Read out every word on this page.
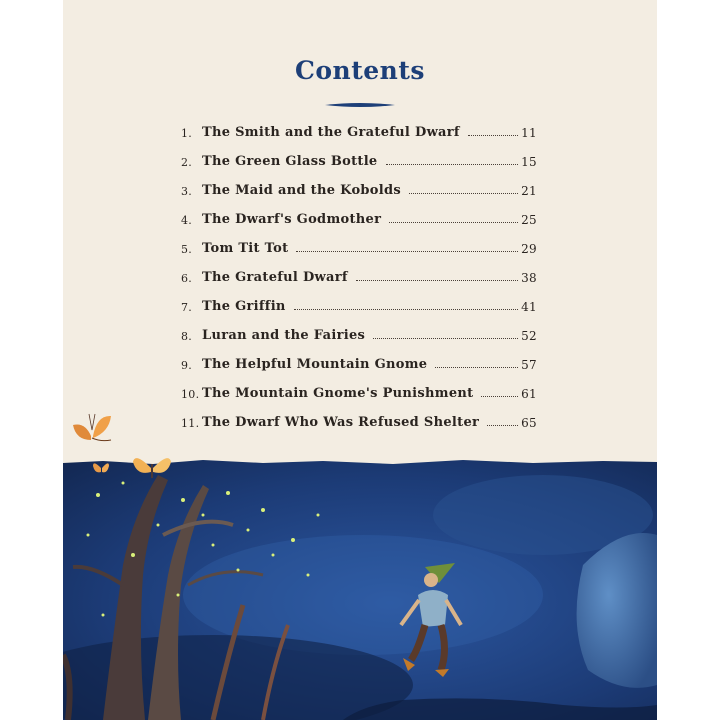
Contents
1. The Smith and the Grateful Dwarf	11
2. The Green Glass Bottle	15
3. The Maid and the Kobolds	21
4. The Dwarf's Godmother	25
5. Tom Tit Tot	29
6. The Grateful Dwarf	38
7. The Griffin	41
8. Luran and the Fairies	52
9. The Helpful Mountain Gnome	57
10. The Mountain Gnome's Punishment	61
11. The Dwarf Who Was Refused Shelter	65
